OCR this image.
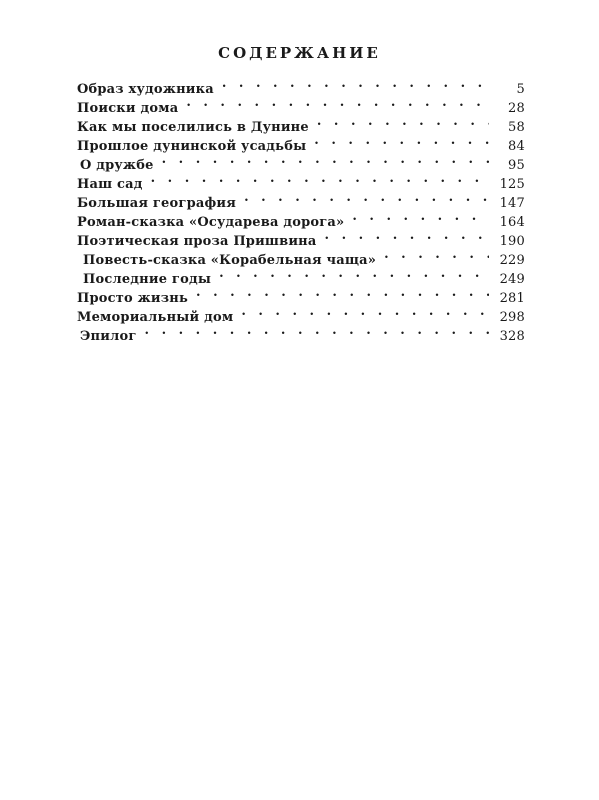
СОДЕРЖАНИЕ
Образ художника . . .	5
Поиски дома . . .	28
Как мы поселились в Дунине . . .	58
Прошлое дунинской усадьбы . . .	84
О дружбе . . .	95
Наш сад . . .	125
Большая география . . .	147
Роман-сказка «Осударева дорога» . . .	164
Поэтическая проза Пришвина . . .	190
Повесть-сказка «Корабельная чаща» . . .	229
Последние годы . . .	249
Просто жизнь . . .	281
Мемориальный дом . . .	298
Эпилог . . .	328
